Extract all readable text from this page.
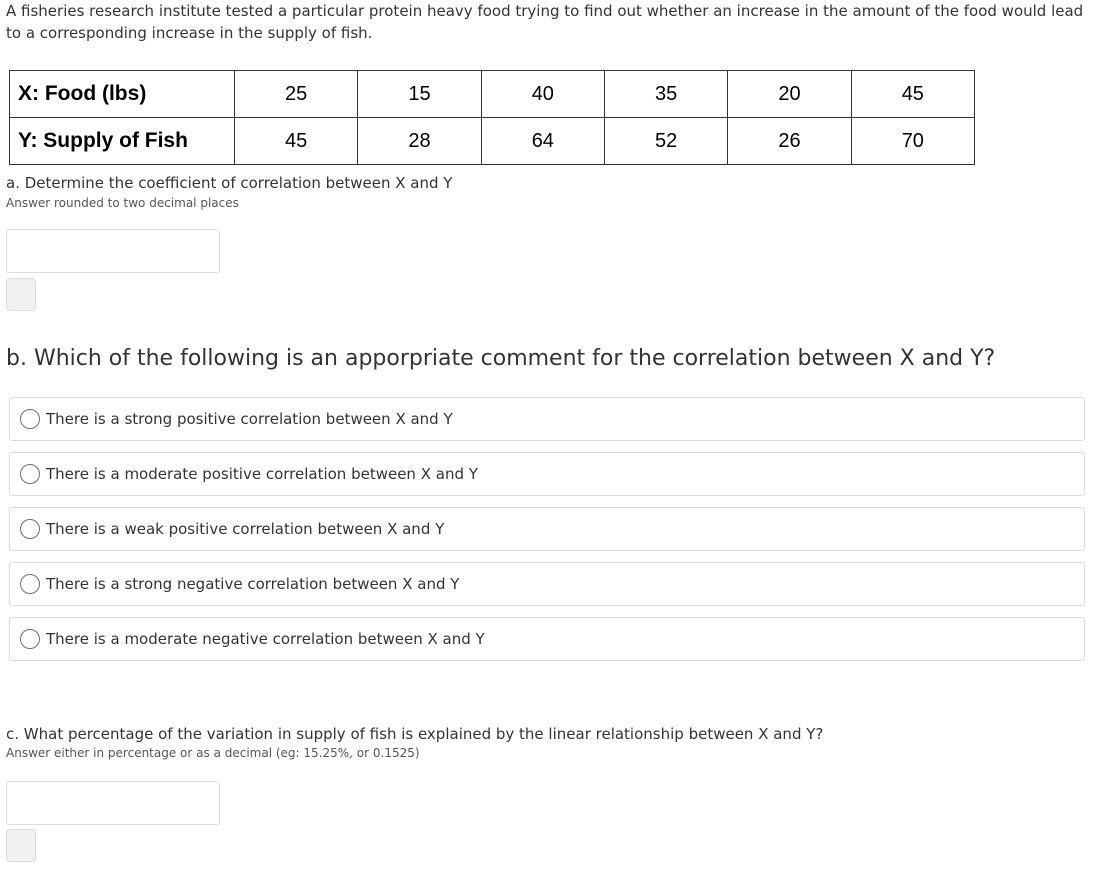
A fisheries research institute tested a particular protein heavy food trying to find out whether an increase in the amount of the food would lead to a corresponding increase in the supply of fish.
X: Food (lbs)	25	15	40	35	20	45
Y: Supply of Fish	45	28	64	52	26	70
a. Determine the coefficient of correlation between X and Y
Answer rounded to two decimal places
b. Which of the following is an apporpriate comment for the correlation between X and Y?
There is a strong positive correlation between X and Y
There is a moderate positive correlation between X and Y
There is a weak positive correlation between X and Y
There is a strong negative correlation between X and Y
There is a moderate negative correlation between X and Y
c. What percentage of the variation in supply of fish is explained by the linear relationship between X and Y?
Answer either in percentage or as a decimal (eg: 15.25%, or 0.1525)
